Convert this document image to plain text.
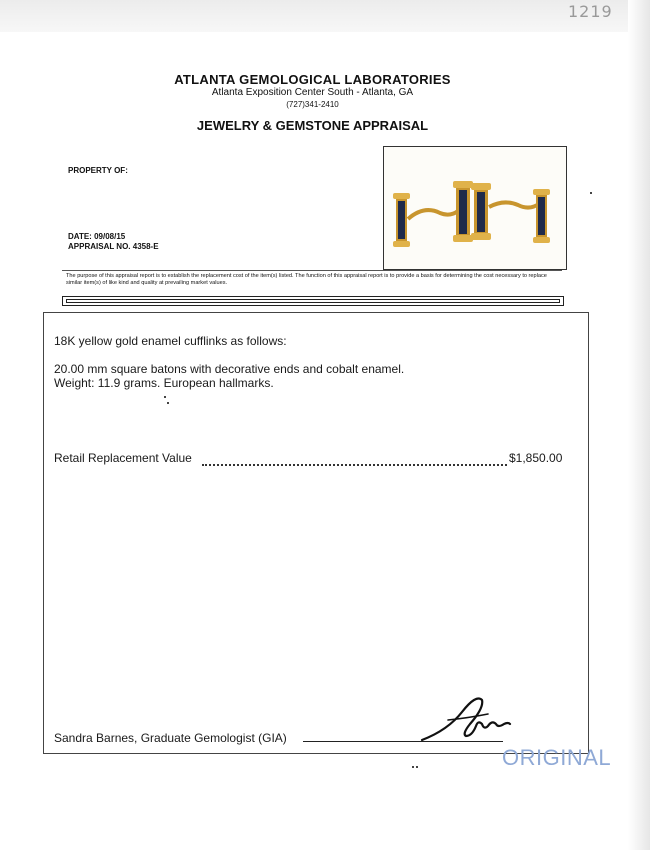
1219
ATLANTA GEMOLOGICAL LABORATORIES
Atlanta Exposition Center South - Atlanta, GA
(727)341-2410
JEWELRY & GEMSTONE APPRAISAL
PROPERTY OF:
DATE: 09/08/15
APPRAISAL NO. 4358-E
The purpose of this appraisal report is to establish the replacement cost of the item(s) listed. The function of this appraisal report is to provide a basis for determining the cost necessary to replace similar item(s) of like kind and quality at prevailing market values.
18K yellow gold enamel cufflinks as follows:
20.00 mm square batons with decorative ends and cobalt enamel.
Weight: 11.9 grams. European hallmarks.
Retail Replacement Value	$1,850.00
Sandra Barnes, Graduate Gemologist (GIA)
ORIGINAL
